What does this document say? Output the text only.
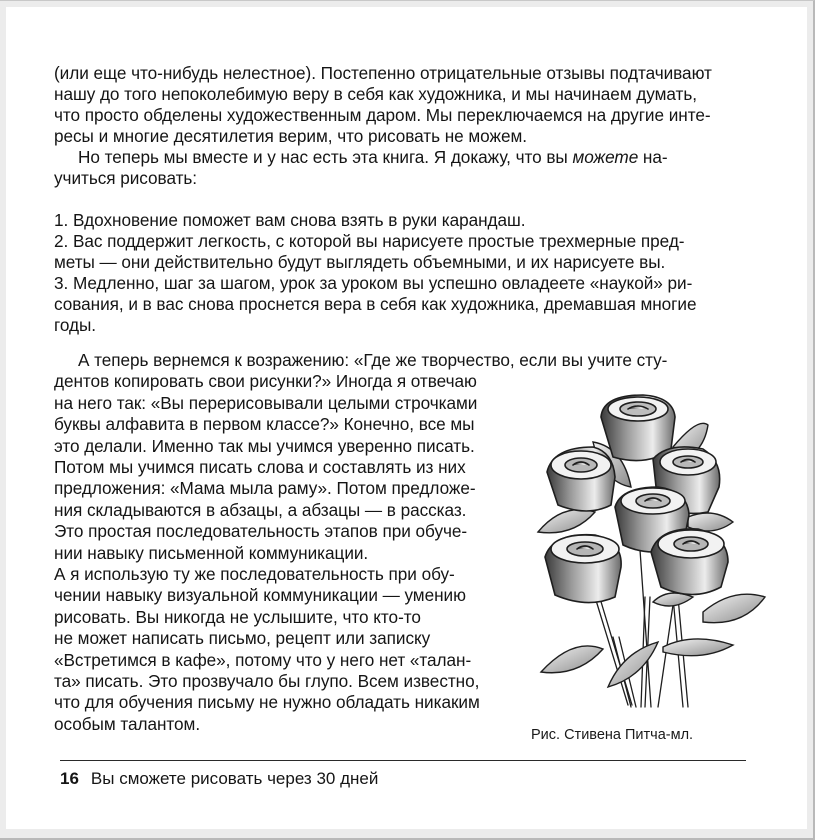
(или еще что-нибудь нелестное). Постепенно отрицательные отзывы подтачивают
нашу до того непоколебимую веру в себя как художника, и мы начинаем думать,
что просто обделены художественным даром. Мы переключаемся на другие инте-
ресы и многие десятилетия верим, что рисовать не можем.
Но теперь мы вместе и у нас есть эта книга. Я докажу, что вы можете на-
учиться рисовать:
1. Вдохновение поможет вам снова взять в руки карандаш.
2. Вас поддержит легкость, с которой вы нарисуете простые трехмерные пред-
меты — они действительно будут выглядеть объемными, и их нарисуете вы.
3. Медленно, шаг за шагом, урок за уроком вы успешно овладеете «наукой» ри-
сования, и в вас снова проснется вера в себя как художника, дремавшая многие
годы.
А теперь вернемся к возражению: «Где же творчество, если вы учите сту-
дентов копировать свои рисунки?» Иногда я отвечаю
на него так: «Вы перерисовывали целыми строчками
буквы алфавита в первом классе?» Конечно, все мы
это делали. Именно так мы учимся уверенно писать.
Потом мы учимся писать слова и составлять из них
предложения: «Мама мыла раму». Потом предложе-
ния складываются в абзацы, а абзацы — в рассказ.
Это простая последовательность этапов при обуче-
нии навыку письменной коммуникации.
А я использую ту же последовательность при обу-
чении навыку визуальной коммуникации — умению
рисовать. Вы никогда не услышите, что кто-то
не может написать письмо, рецепт или записку
«Встретимся в кафе», потому что у него нет «талан-
та» писать. Это прозвучало бы глупо. Всем известно,
что для обучения письму не нужно обладать никаким
особым талантом.
Рис. Стивена Питча-мл.
16 Вы сможете рисовать через 30 дней
